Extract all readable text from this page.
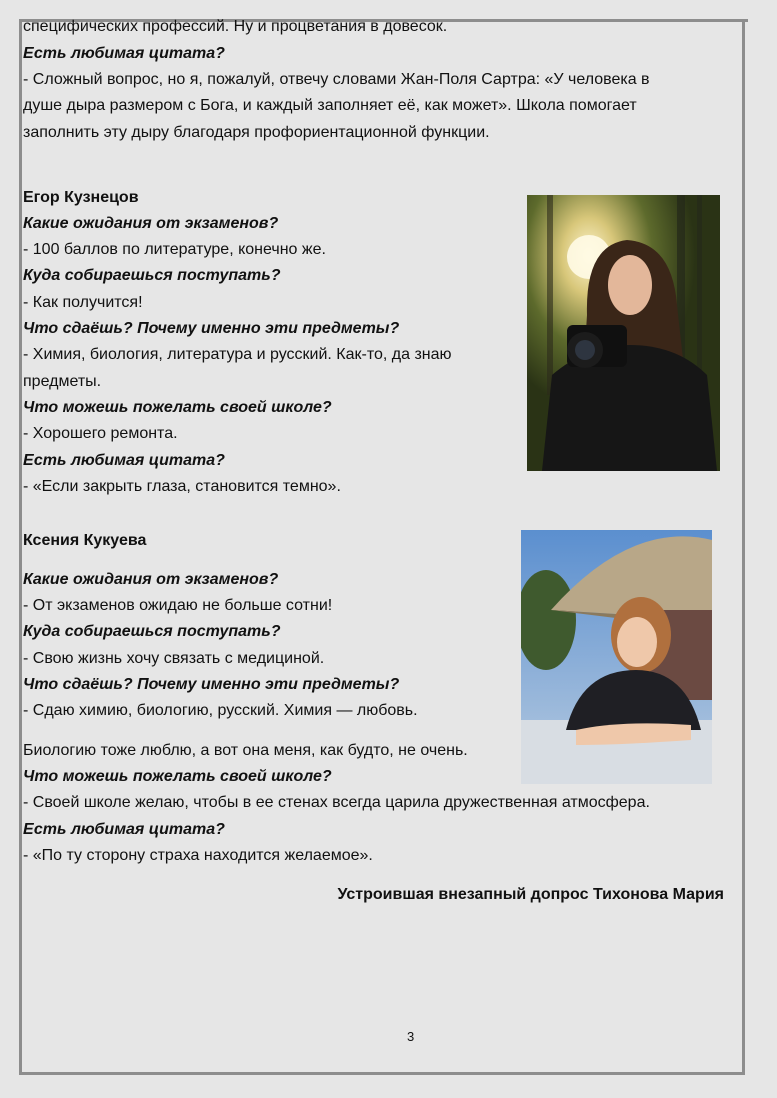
специфических профессий. Ну и процветания в довесок.
Есть любимая цитата?
- Сложный вопрос, но я, пожалуй, отвечу словами Жан-Поля Сартра: «У человека в
душе дыра размером с Бога, и каждый заполняет её, как может». Школа помогает
заполнить эту дыру благодаря профориентационной функции.
Егор Кузнецов
Какие ожидания от экзаменов?
- 100 баллов по литературе, конечно же.
Куда собираешься поступать?
- Как получится!
Что сдаёшь? Почему именно эти предметы?
- Химия, биология, литература и русский. Как-то, да знаю
предметы.
Что можешь пожелать своей школе?
- Хорошего ремонта.
Есть любимая цитата?
- «Если закрыть глаза, становится темно».
Ксения Кукуева
Какие ожидания от экзаменов?
- От экзаменов ожидаю не больше сотни!
Куда собираешься поступать?
- Свою жизнь хочу связать с медициной.
Что сдаёшь? Почему именно эти предметы?
- Сдаю химию, биологию, русский. Химия — любовь.
Биологию тоже люблю, а вот она меня, как будто, не очень.
Что можешь пожелать своей школе?
- Своей школе желаю, чтобы в ее стенах всегда царила дружественная атмосфера.
Есть любимая цитата?
- «По ту сторону страха находится желаемое».
Устроившая внезапный допрос Тихонова Мария
3
